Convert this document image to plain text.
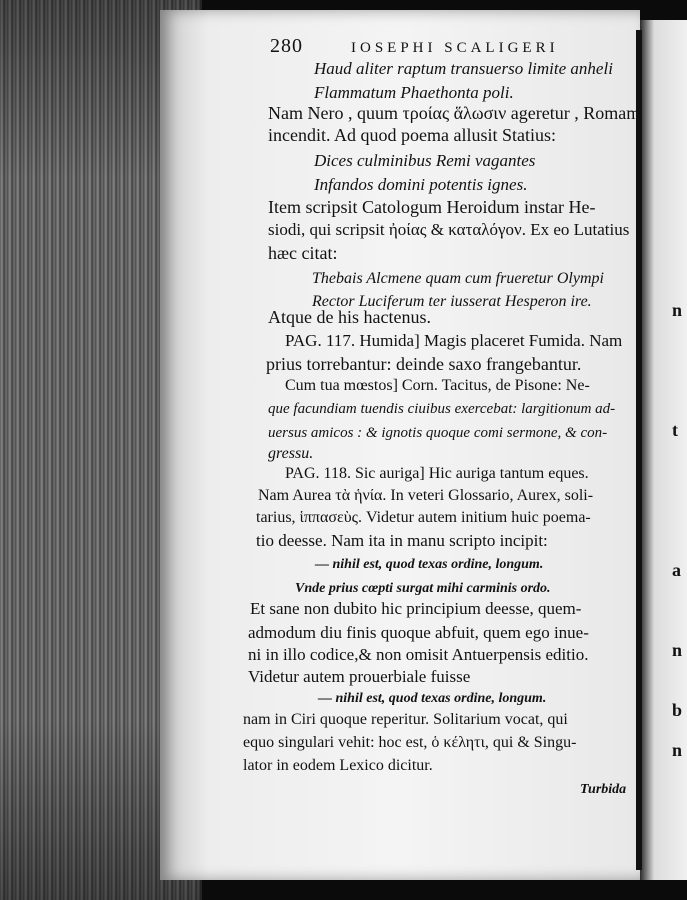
n
t
a
n
b
n
280	IOSEPHI SCALIGERI
Haud aliter raptum transuerso limite anheli
Flammatum Phaethonta poli.
Nam Nero , quum τροίας ἅλωσιν ageretur , Romam
incendit. Ad quod poema allusit Statius:
Dices culminibus Remi vagantes
Infandos domini potentis ignes.
Item scripsit Catologum Heroidum instar He-
siodi, qui scripsit ἠοίας & καταλόγον. Ex eo Lutatius
hæc citat:
Thebais Alcmene quam cum frueretur Olympi
Rector Luciferum ter iusserat Hesperon ire.
Atque de his hactenus.
PAG. 117. Humida] Magis placeret Fumida. Nam
prius torrebantur: deinde saxo frangebantur.
Cum tua mœstos] Corn. Tacitus, de Pisone: Ne-
que facundiam tuendis ciuibus exercebat: largitionum ad-
uersus amicos : & ignotis quoque comi sermone, & con-
gressu.
PAG. 118. Sic auriga] Hic auriga tantum eques.
Nam Aurea τὰ ἡνία. In veteri Glossario, Aurex, soli-
tarius, ἱππασεὺς. Videtur autem initium huic poema-
tio deesse. Nam ita in manu scripto incipit:
— nihil est, quod texas ordine, longum.
Vnde prius cœpti surgat mihi carminis ordo.
Et sane non dubito hic principium deesse, quem-
admodum diu finis quoque abfuit, quem ego inue-
ni in illo codice,& non omisit Antuerpensis editio.
Videtur autem prouerbiale fuisse
— nihil est, quod texas ordine, longum.
nam in Ciri quoque reperitur. Solitarium vocat, qui
equo singulari vehit: hoc est, ὁ κέλητι, qui & Singu-
lator in eodem Lexico dicitur.
Turbida
